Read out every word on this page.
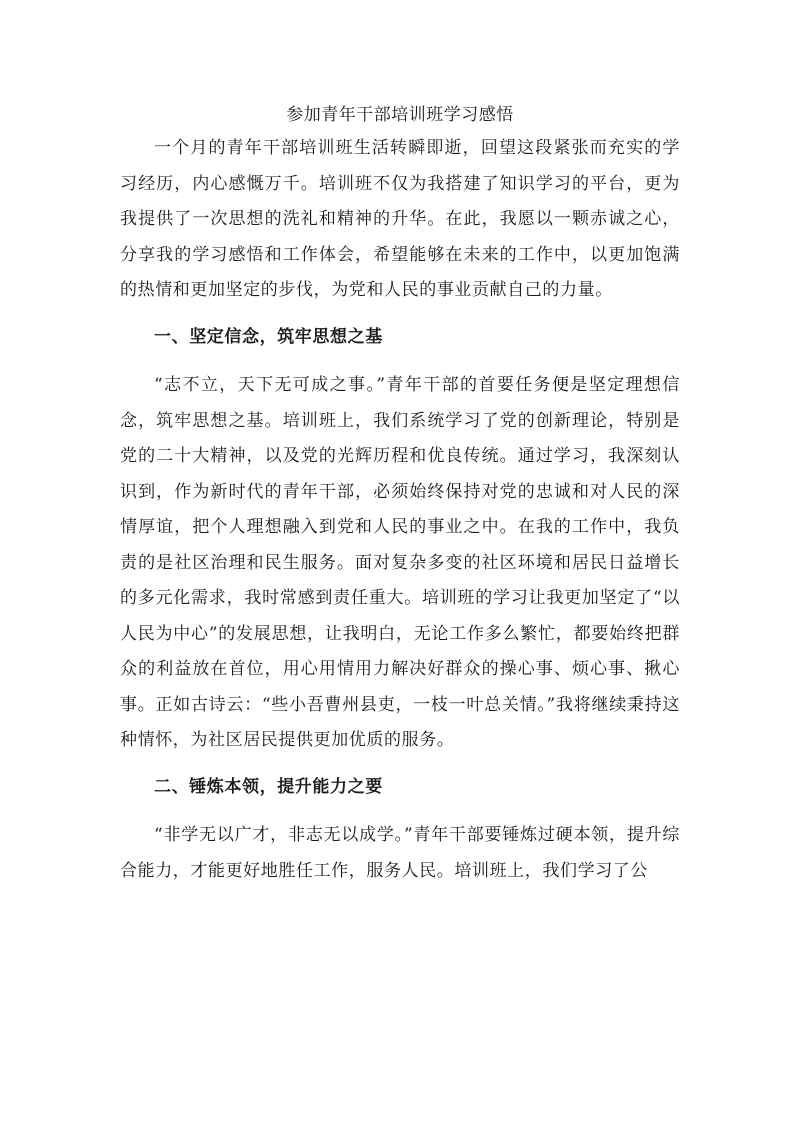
参加青年干部培训班学习感悟

一个月的青年干部培训班生活转瞬即逝，回望这段紧张而充实的学习经历，内心感慨万千。培训班不仅为我搭建了知识学习的平台，更为我提供了一次思想的洗礼和精神的升华。在此，我愿以一颗赤诚之心，分享我的学习感悟和工作体会，希望能够在未来的工作中，以更加饱满的热情和更加坚定的步伐，为党和人民的事业贡献自己的力量。

一、坚定信念，筑牢思想之基

“志不立，天下无可成之事。”青年干部的首要任务便是坚定理想信念，筑牢思想之基。培训班上，我们系统学习了党的创新理论，特别是党的二十大精神，以及党的光辉历程和优良传统。通过学习，我深刻认识到，作为新时代的青年干部，必须始终保持对党的忠诚和对人民的深情厚谊，把个人理想融入到党和人民的事业之中。在我的工作中，我负责的是社区治理和民生服务。面对复杂多变的社区环境和居民日益增长的多元化需求，我时常感到责任重大。培训班的学习让我更加坚定了“以人民为中心”的发展思想，让我明白，无论工作多么繁忙，都要始终把群众的利益放在首位，用心用情用力解决好群众的操心事、烦心事、揪心事。正如古诗云：“些小吾曹州县吏，一枝一叶总关情。”我将继续秉持这种情怀，为社区居民提供更加优质的服务。

二、锤炼本领，提升能力之要

“非学无以广才，非志无以成学。”青年干部要锤炼过硬本领，提升综合能力，才能更好地胜任工作，服务人民。培训班上，我们学习了公
